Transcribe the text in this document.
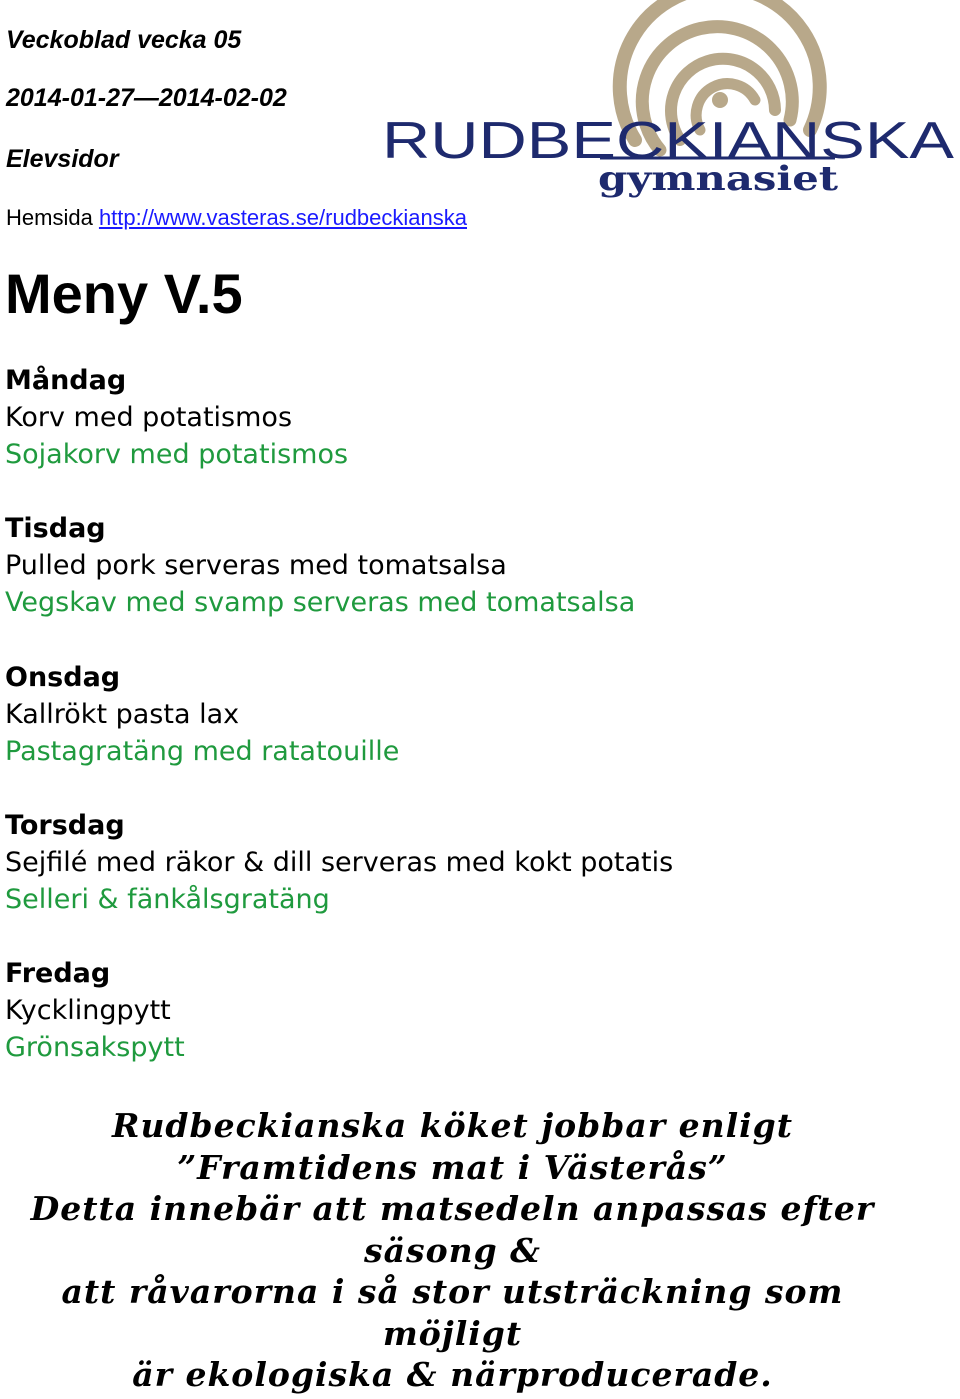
Veckoblad vecka 05
2014-01-27—2014-02-02
Elevsidor
Hemsida http://www.vasteras.se/rudbeckianska
RUDBECKIANSKA
gymnasiet
Meny V.5
Måndag
Korv med potatismos
Sojakorv med potatismos
Tisdag
Pulled pork serveras med tomatsalsa
Vegskav med svamp serveras med tomatsalsa
Onsdag
Kallrökt pasta lax
Pastagratäng med ratatouille
Torsdag
Sejfilé med räkor & dill serveras med kokt potatis
Selleri & fänkålsgratäng
Fredag
Kycklingpytt
Grönsakspytt
Rudbeckianska köket jobbar enligt
”Framtidens mat i Västerås”
Detta innebär att matsedeln anpassas efter
säsong &
att råvarorna i så stor utsträckning som
möjligt
är ekologiska & närproducerade.
